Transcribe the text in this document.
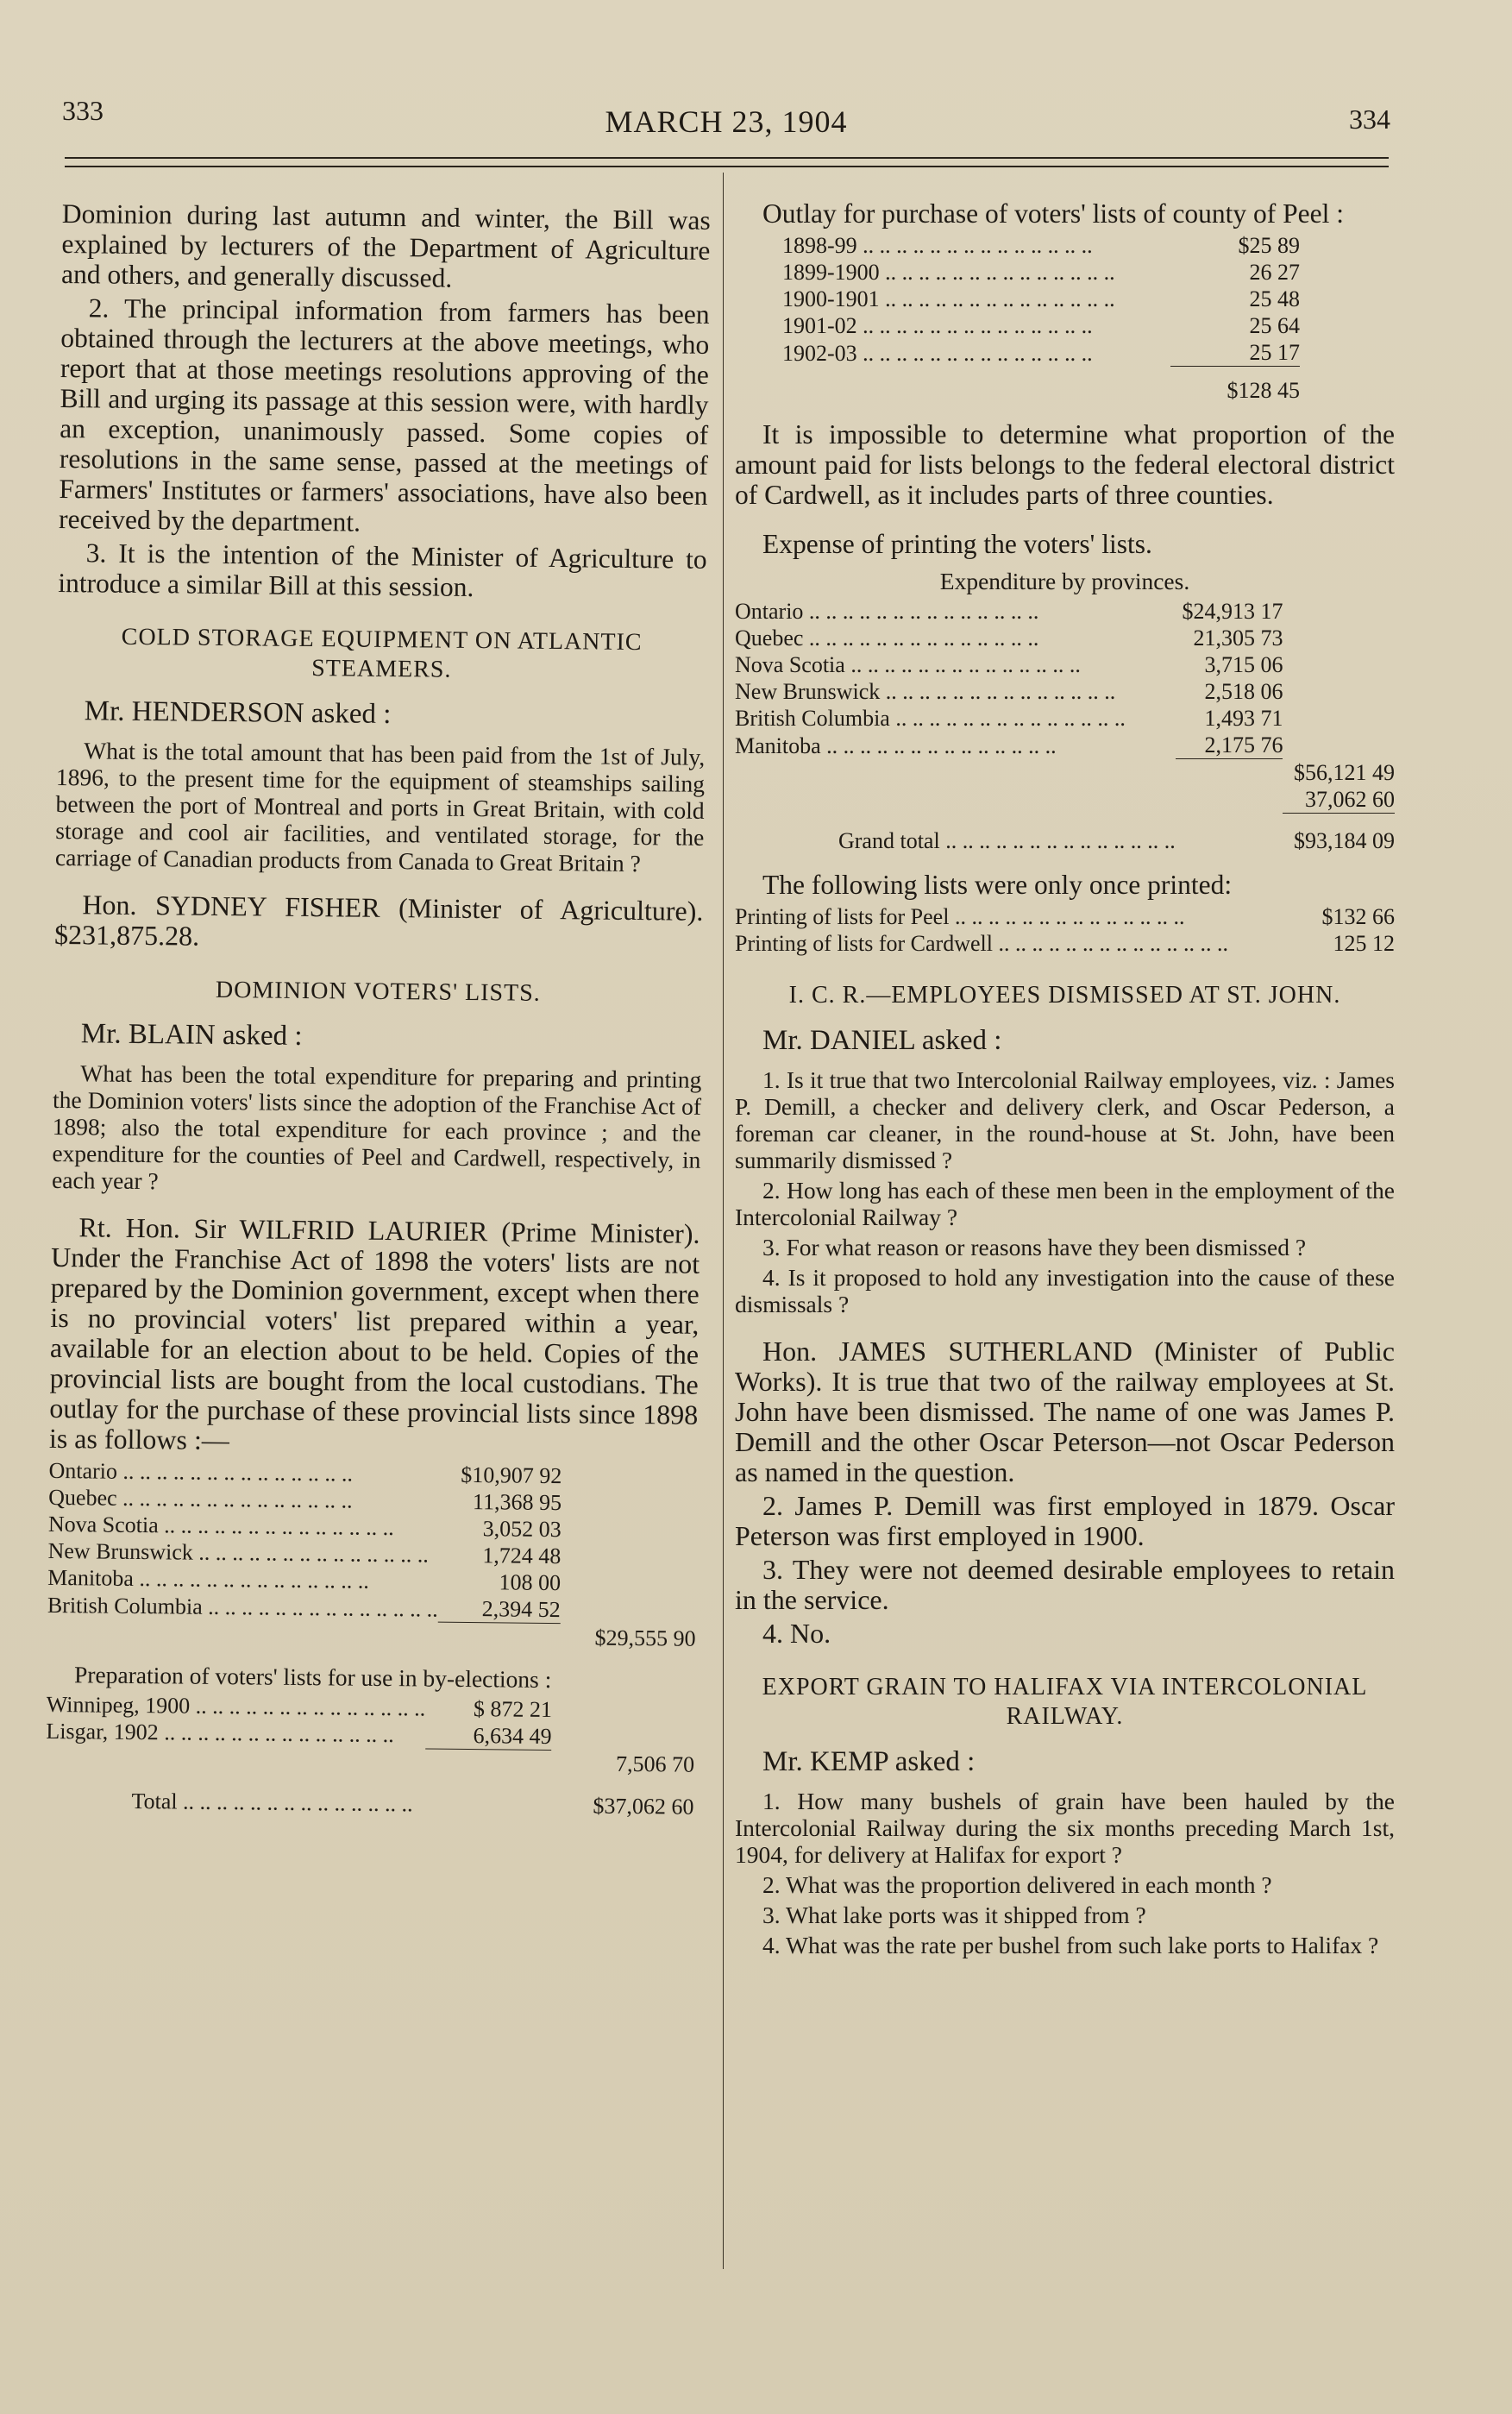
333	MARCH 23, 1904	334

Dominion during last autumn and winter, the Bill was explained by lecturers of the Department of Agriculture and others, and generally discussed.

2. The principal information from farmers has been obtained through the lecturers at the above meetings, who report that at those meetings resolutions approving of the Bill and urging its passage at this session were, with hardly an exception, unanimously passed. Some copies of resolutions in the same sense, passed at the meetings of Farmers' Institutes or farmers' associations, have also been received by the department.

3. It is the intention of the Minister of Agriculture to introduce a similar Bill at this session.

COLD STORAGE EQUIPMENT ON ATLANTIC STEAMERS.

Mr. HENDERSON asked :

What is the total amount that has been paid from the 1st of July, 1896, to the present time for the equipment of steamships sailing between the port of Montreal and ports in Great Britain, with cold storage and cool air facilities, and ventilated storage, for the carriage of Canadian products from Canada to Great Britain ?

Hon. SYDNEY FISHER (Minister of Agriculture). $231,875.28.

DOMINION VOTERS' LISTS.

Mr. BLAIN asked :

What has been the total expenditure for preparing and printing the Dominion voters' lists since the adoption of the Franchise Act of 1898; also the total expenditure for each province ; and the expenditure for the counties of Peel and Cardwell, respectively, in each year ?

Rt. Hon. Sir WILFRID LAURIER (Prime Minister). Under the Franchise Act of 1898 the voters' lists are not prepared by the Dominion government, except when there is no provincial voters' list prepared within a year, available for an election about to be held. Copies of the provincial lists are bought from the local custodians. The outlay for the purchase of these provincial lists since 1898 is as follows :—

Ontario .. ..	$10,907 92	
Quebec .. ..	11,368 95	
Nova Scotia .. ..	3,052 03	
New Brunswick .. ..	1,724 48	
Manitoba .. ..	108 00	
British Columbia .. ..	2,394 52	
		$29,555 90

Preparation of voters' lists for use in by-elections :

Winnipeg, 1900 .. ..	$ 872 21	
Lisgar, 1902 .. ..	6,634 49	
		7,506 70
Total .. ..	$37,062 60

Outlay for purchase of voters' lists of county of Peel :

1898-99 .. ..	$25 89
1899-1900 .. ..	26 27
1900-1901 .. ..	25 48
1901-02 .. ..	25 64
1902-03 .. ..	25 17
	$128 45

It is impossible to determine what proportion of the amount paid for lists belongs to the federal electoral district of Cardwell, as it includes parts of three counties.

Expense of printing the voters' lists.

Expenditure by provinces.
Ontario .. ..	$24,913 17	
Quebec .. ..	21,305 73	
Nova Scotia .. ..	3,715 06	
New Brunswick .. ..	2,518 06	
British Columbia .. ..	1,493 71	
Manitoba .. ..	2,175 76	
		$56,121 49
		37,062 60
Grand total .. ..		$93,184 09

The following lists were only once printed:

Printing of lists for Peel .. ..	$132 66
Printing of lists for Cardwell .. ..	125 12
I. C. R.—EMPLOYEES DISMISSED AT ST. JOHN.

Mr. DANIEL asked :

1. Is it true that two Intercolonial Railway employees, viz. : James P. Demill, a checker and delivery clerk, and Oscar Pederson, a foreman car cleaner, in the round-house at St. John, have been summarily dismissed ?

2. How long has each of these men been in the employment of the Intercolonial Railway ?

3. For what reason or reasons have they been dismissed ?

4. Is it proposed to hold any investigation into the cause of these dismissals ?

Hon. JAMES SUTHERLAND (Minister of Public Works). It is true that two of the railway employees at St. John have been dismissed. The name of one was James P. Demill and the other Oscar Peterson—not Oscar Pederson as named in the question.

2. James P. Demill was first employed in 1879. Oscar Peterson was first employed in 1900.

3. They were not deemed desirable employees to retain in the service.

4. No.

EXPORT GRAIN TO HALIFAX VIA INTERCOLONIAL RAILWAY.

Mr. KEMP asked :

1. How many bushels of grain have been hauled by the Intercolonial Railway during the six months preceding March 1st, 1904, for delivery at Halifax for export ?

2. What was the proportion delivered in each month ?

3. What lake ports was it shipped from ?

4. What was the rate per bushel from such lake ports to Halifax ?
